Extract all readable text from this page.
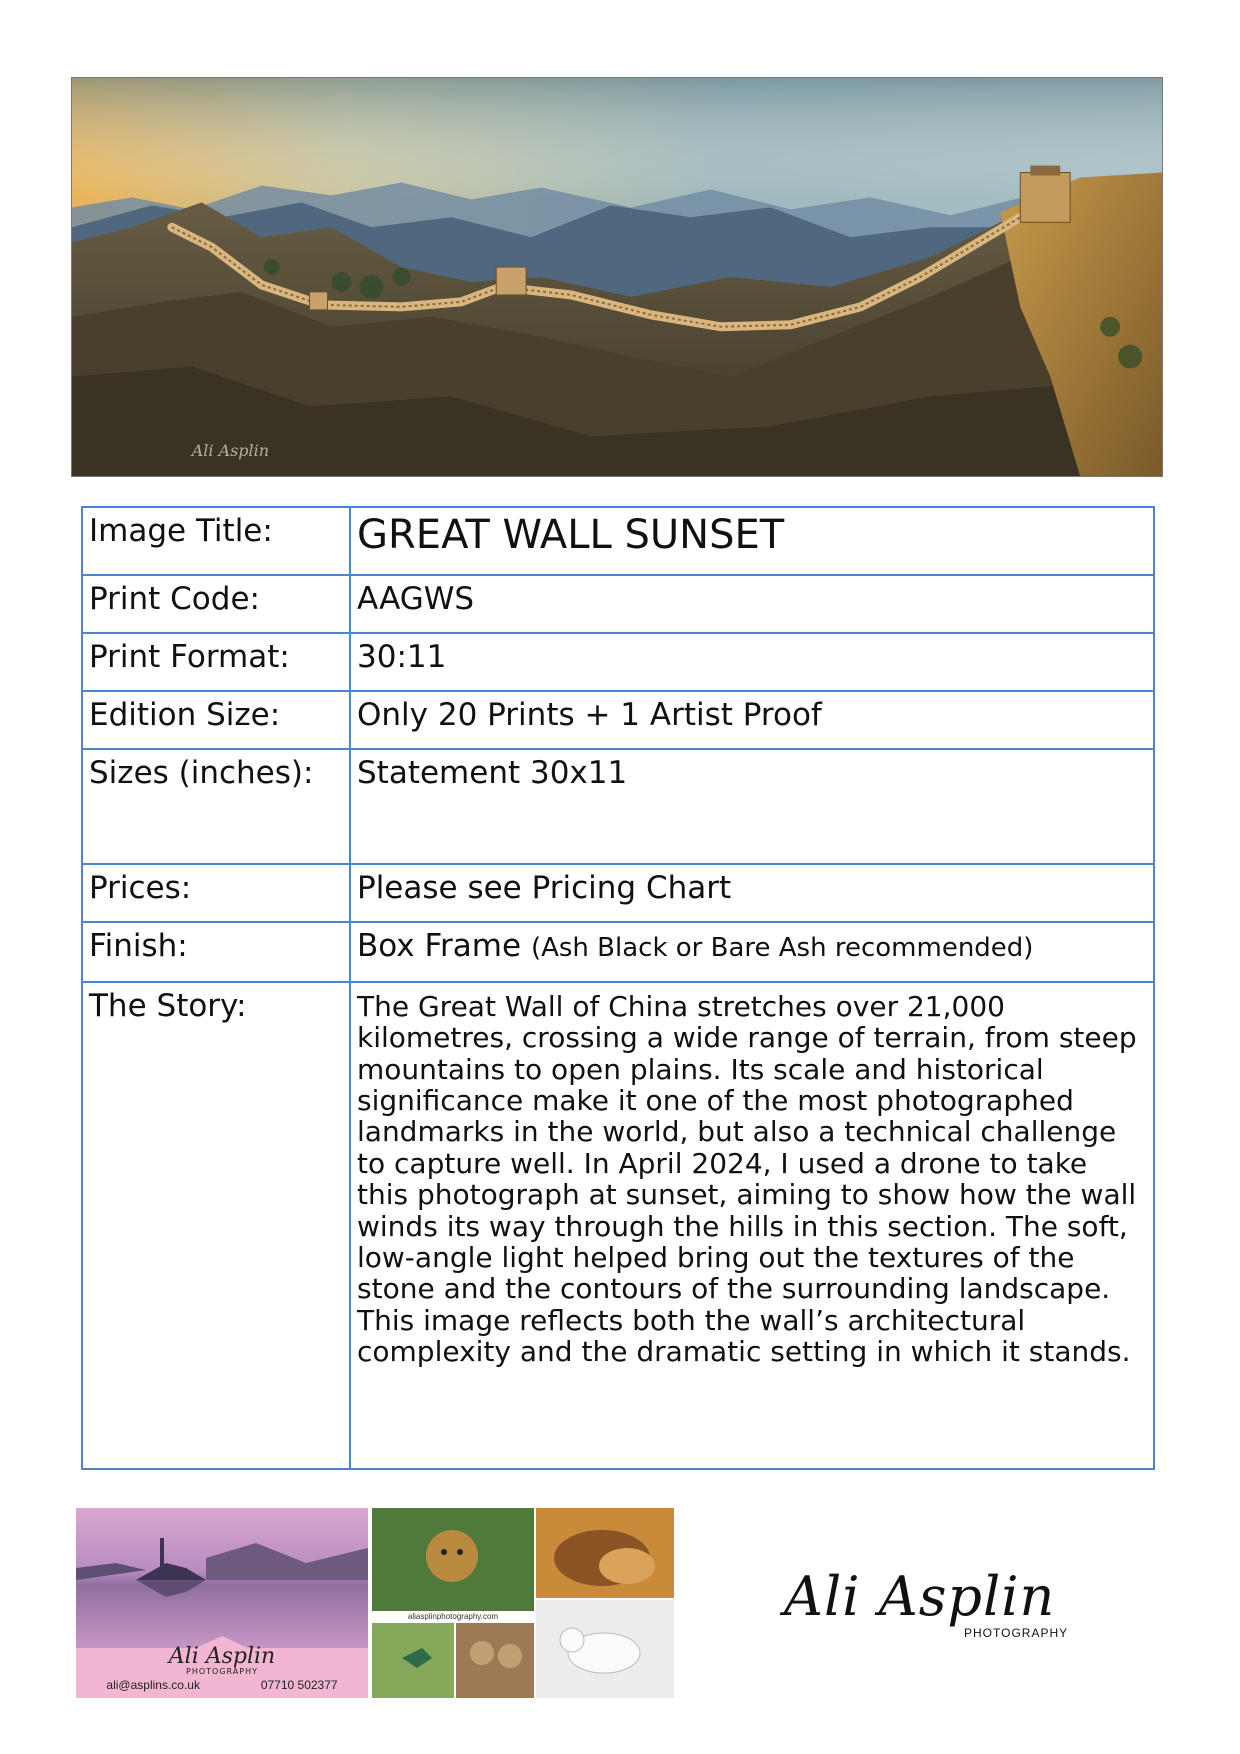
Ali Asplin
Image Title:	GREAT WALL SUNSET
Print Code:	AAGWS
Print Format:	30:11
Edition Size:	Only 20 Prints + 1 Artist Proof
Sizes (inches):	Statement 30x11
Prices:	Please see Pricing Chart
Finish:	Box Frame (Ash Black or Bare Ash recommended)
The Story:	The Great Wall of China stretches over 21,000 kilometres, crossing a wide range of terrain, from steep mountains to open plains. Its scale and historical significance make it one of the most photographed landmarks in the world, but also a technical challenge to capture well. In April 2024, I used a drone to take this photograph at sunset, aiming to show how the wall winds its way through the hills in this section. The soft, low-angle light helped bring out the textures of the stone and the contours of the surrounding landscape. This image reflects both the wall’s architectural complexity and the dramatic setting in which it stands.
Ali Asplin
PHOTOGRAPHY
ali@asplins.co.uk	07710 502377
aliasplinphotography.com	Ali Asplin
PHOTOGRAPHY
